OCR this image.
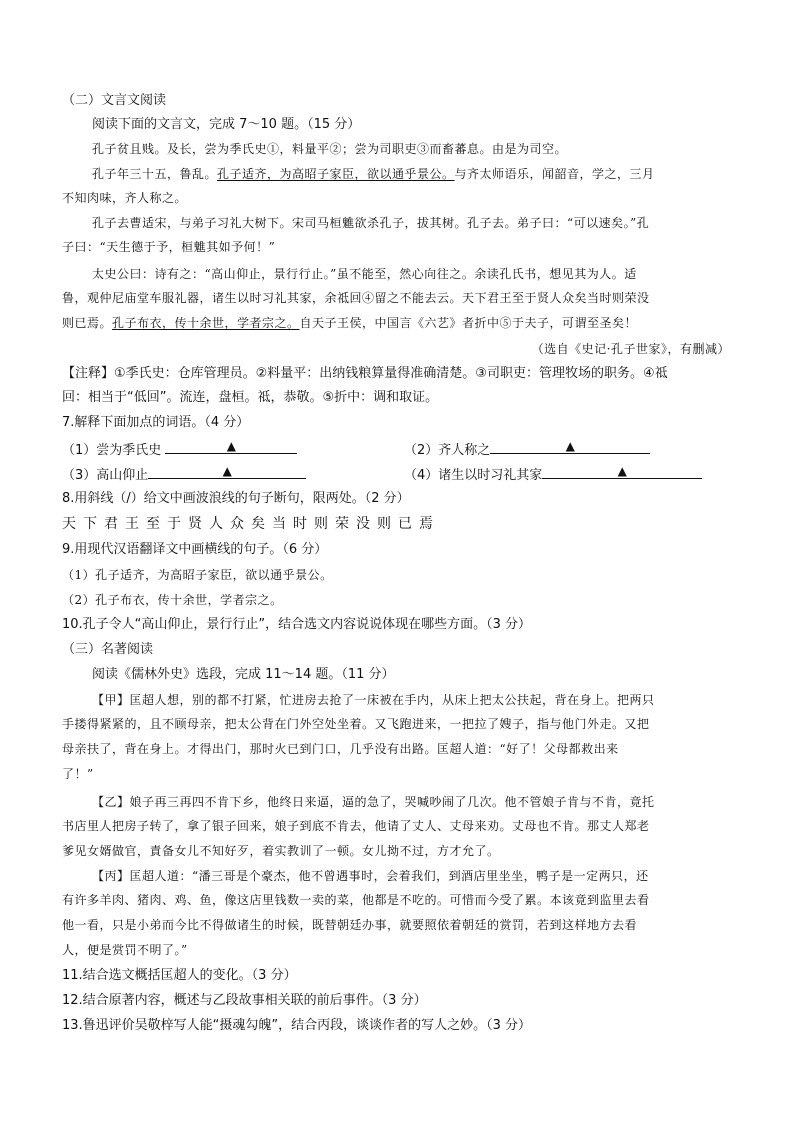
（二）文言文阅读
阅读下面的文言文，完成 7～10 题。（15 分）
孔子贫且贱。及长，尝为季氏史①，料量平②；尝为司职吏③而畜蕃息。由是为司空。
孔子年三十五，鲁乱。孔子适齐，为高昭子家臣，欲以通乎景公。与齐太师语乐，闻韶音，学之，三月
不知肉味，齐人称之。
孔子去曹适宋，与弟子习礼大树下。宋司马桓魋欲杀孔子，拔其树。孔子去。弟子曰：“可以速矣。”孔
子曰：“天生德于予，桓魋其如予何！”
太史公曰：诗有之：“高山仰止，景行行止。”虽不能至，然心向往之。余读孔氏书，想见其为人。适
鲁，观仲尼庙堂车服礼器，诸生以时习礼其家，余祗回④留之不能去云。天下君王至于贤人众矣当时则荣没
则已焉。孔子布衣，传十余世，学者宗之。自天子王侯，中国言《六艺》者折中⑤于夫子，可谓至圣矣！
（选自《史记·孔子世家》，有删减）
【注释】①季氏史：仓库管理员。②料量平：出纳钱粮算量得准确清楚。③司职吏：管理牧场的职务。④祗
回：相当于“低回”。流连，盘桓。祗，恭敬。⑤折中：调和取证。
7.解释下面加点的词语。（4 分）
（1）尝为季氏史	▲	（2）齐人称之	▲
（3）高山仰止	▲	（4）诸生以时习礼其家	▲
8.用斜线（/）给文中画波浪线的句子断句，限两处。（2 分）
天下君王至于贤人众矣当时则荣没则已焉
9.用现代汉语翻译文中画横线的句子。（6 分）
（1）孔子适齐，为高昭子家臣，欲以通乎景公。
（2）孔子布衣，传十余世，学者宗之。
10.孔子令人“高山仰止，景行行止”，结合选文内容说说体现在哪些方面。（3 分）
（三）名著阅读
阅读《儒林外史》选段，完成 11～14 题。（11 分）
【甲】匡超人想，别的都不打紧，忙进房去抢了一床被在手内，从床上把太公扶起，背在身上。把两只
手搂得紧紧的，且不顾母亲，把太公背在门外空处坐着。又飞跑进来，一把拉了嫂子，指与他门外走。又把
母亲扶了，背在身上。才得出门，那时火已到门口，几乎没有出路。匡超人道：“好了！父母都救出来
了！”
【乙】娘子再三再四不肯下乡，他终日来逼，逼的急了，哭喊吵闹了几次。他不管娘子肯与不肯，竟托
书店里人把房子转了，拿了银子回来，娘子到底不肯去，他请了丈人、丈母来劝。丈母也不肯。那丈人郑老
爹见女婿做官，責备女儿不知好歹，着实教训了一顿。女儿拗不过，方才允了。
【丙】匡超人道：“潘三哥是个豪杰，他不曾遇事时，会着我们，到酒店里坐坐，鸭子是一定两只，还
有许多羊肉、猪肉、鸡、鱼，像这店里钱数一卖的菜，他都是不吃的。可惜而今受了累。本该竟到监里去看
他一看，只是小弟而今比不得做诸生的时候，既替朝廷办事，就要照依着朝廷的赏罚，若到这样地方去看
人，便是赏罚不明了。”
11.结合选文概括匡超人的变化。（3 分）
12.结合原著内容，概述与乙段故事相关联的前后事件。（3 分）
13.鲁迅评价吴敬梓写人能“摄魂勾魄”，结合丙段，谈谈作者的写人之妙。（3 分）
